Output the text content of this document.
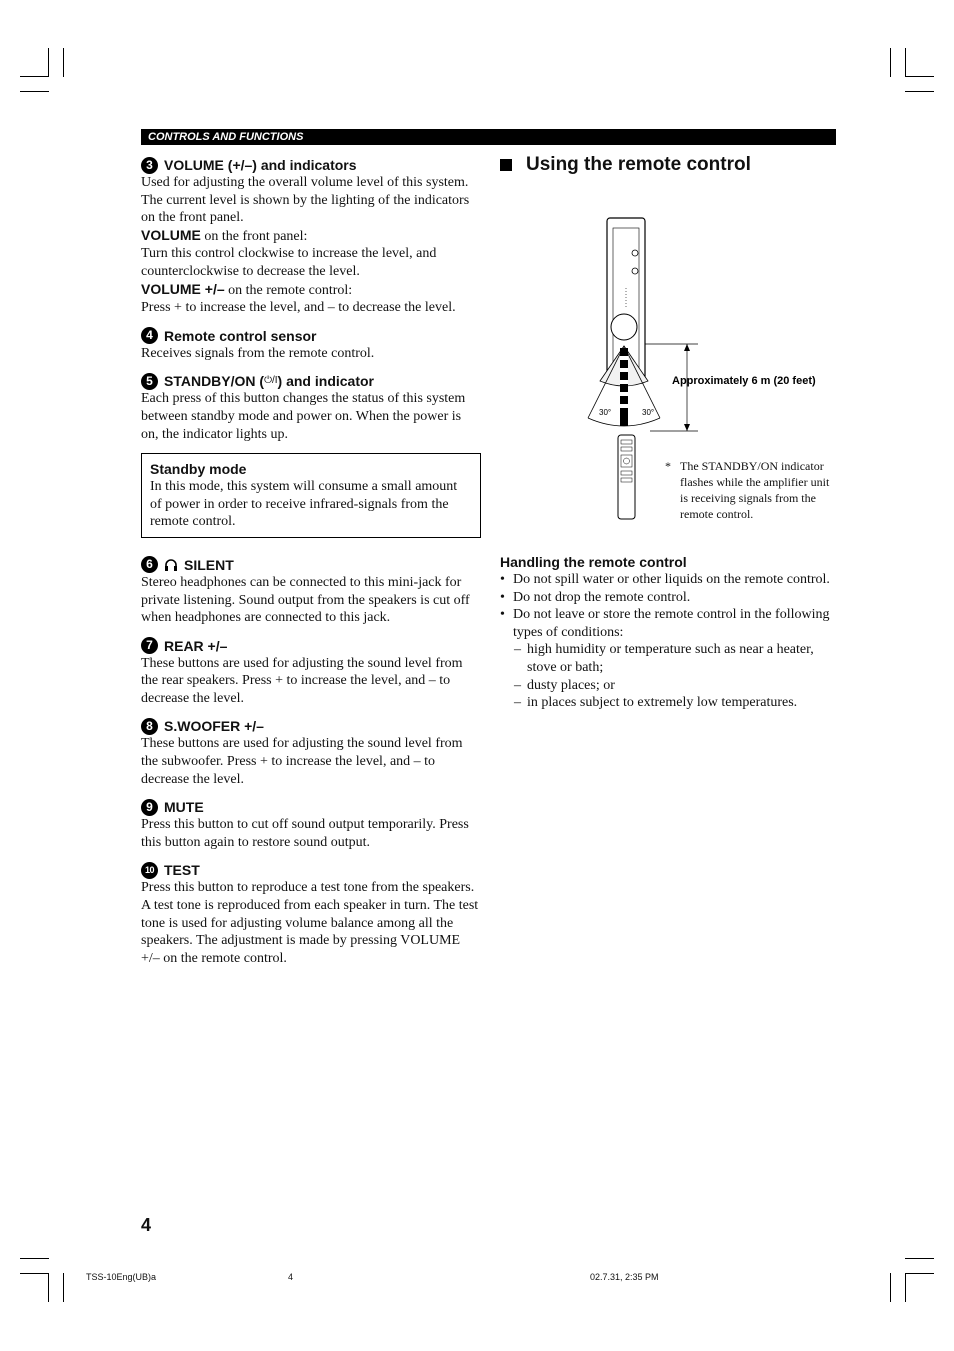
CONTROLS AND FUNCTIONS
3 VOLUME (+/–) and indicators

Used for adjusting the overall volume level of this system. The current level is shown by the lighting of the indicators on the front panel.

VOLUME on the front panel:

Turn this control clockwise to increase the level, and counterclockwise to decrease the level.

VOLUME +/– on the remote control:

Press + to increase the level, and – to decrease the level.

4 Remote control sensor

Receives signals from the remote control.

5 STANDBY/ON ( ⏻/I ) and indicator

Each press of this button changes the status of this system between standby mode and power on. When the power is on, the indicator lights up.

Standby mode

In this mode, this system will consume a small amount of power in order to receive infrared-signals from the remote control.

6	SILENT

Stereo headphones can be connected to this mini-jack for private listening. Sound output from the speakers is cut off when headphones are connected to this jack.

7 REAR +/–

These buttons are used for adjusting the sound level from the rear speakers. Press + to increase the level, and – to decrease the level.

8 S.WOOFER +/–

These buttons are used for adjusting the sound level from the subwoofer. Press + to increase the level, and – to decrease the level.

9 MUTE

Press this button to cut off sound output temporarily. Press this button again to restore sound output.

10 TEST

Press this button to reproduce a test tone from the speakers. A test tone is reproduced from each speaker in turn. The test tone is used for adjusting volume balance among all the speakers. The adjustment is made by pressing VOLUME +/– on the remote control.

Using the remote control
30°	30°
Approximately 6 m (20 feet)
* The STANDBY/ON indicator flashes while the amplifier unit is receiving signals from the remote control.
Handling the remote control
• Do not spill water or other liquids on the remote control.
• Do not drop the remote control.
• Do not leave or store the remote control in the following types of conditions:
– high humidity or temperature such as near a heater, stove or bath;
– dusty places; or
– in places subject to extremely low temperatures.
4
TSS-10Eng(UB)a	4	02.7.31, 2:35 PM
